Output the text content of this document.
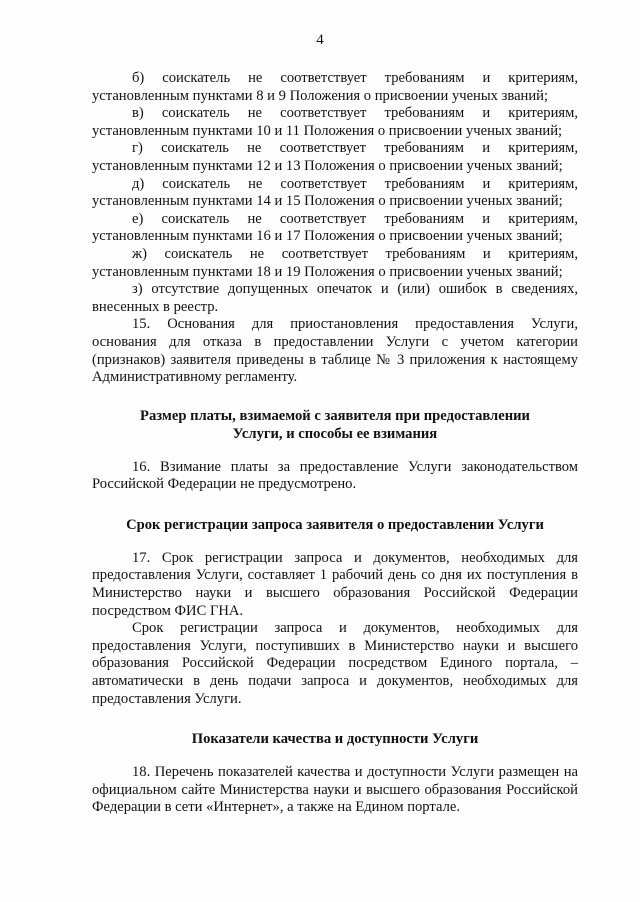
4

б) соискатель не соответствует требованиям и критериям, установленным пунктами 8 и 9 Положения о присвоении ученых званий;

в) соискатель не соответствует требованиям и критериям, установленным пунктами 10 и 11 Положения о присвоении ученых званий;

г) соискатель не соответствует требованиям и критериям, установленным пунктами 12 и 13 Положения о присвоении ученых званий;

д) соискатель не соответствует требованиям и критериям, установленным пунктами 14 и 15 Положения о присвоении ученых званий;

е) соискатель не соответствует требованиям и критериям, установленным пунктами 16 и 17 Положения о присвоении ученых званий;

ж) соискатель не соответствует требованиям и критериям, установленным пунктами 18 и 19 Положения о присвоении ученых званий;

з) отсутствие допущенных опечаток и (или) ошибок в сведениях, внесенных в реестр.

15. Основания для приостановления предоставления Услуги, основания для отказа в предоставлении Услуги с учетом категории (признаков) заявителя приведены в таблице № 3 приложения к настоящему Административному регламенту.

Размер платы, взимаемой с заявителя при предоставлении

Услуги, и способы ее взимания

16. Взимание платы за предоставление Услуги законодательством Российской Федерации не предусмотрено.

Срок регистрации запроса заявителя о предоставлении Услуги

17. Срок регистрации запроса и документов, необходимых для предоставления Услуги, составляет 1 рабочий день со дня их поступления в Министерство науки и высшего образования Российской Федерации посредством ФИС ГНА.

Срок регистрации запроса и документов, необходимых для предоставления Услуги, поступивших в Министерство науки и высшего образования Российской Федерации посредством Единого портала, – автоматически в день подачи запроса и документов, необходимых для предоставления Услуги.

Показатели качества и доступности Услуги

18. Перечень показателей качества и доступности Услуги размещен на официальном сайте Министерства науки и высшего образования Российской Федерации в сети «Интернет», а также на Едином портале.
